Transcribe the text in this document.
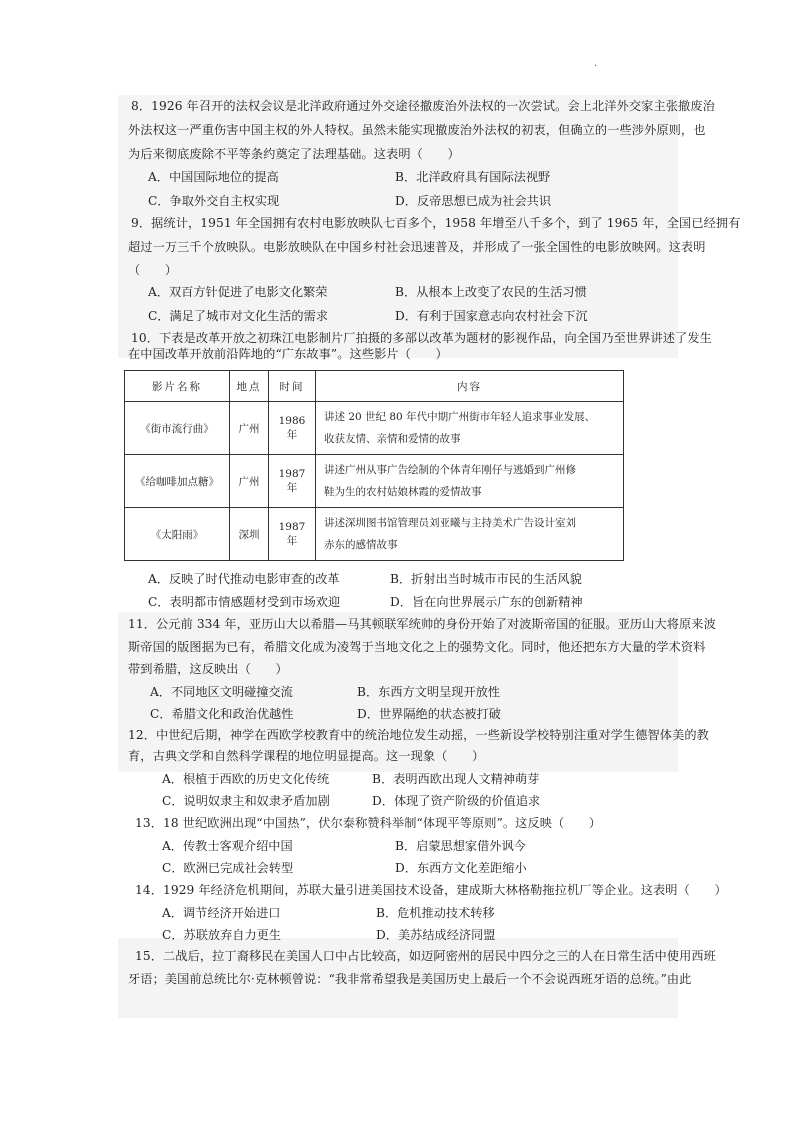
.
8．1926 年召开的法权会议是北洋政府通过外交途径撤废治外法权的一次尝试。会上北洋外交家主张撤废治
外法权这一严重伤害中国主权的外人特权。虽然未能实现撤废治外法权的初衷，但确立的一些涉外原则，也
为后来彻底废除不平等条约奠定了法理基础。这表明（　　）
A．中国国际地位的提高	B．北洋政府具有国际法视野
C．争取外交自主权实现	D．反帝思想已成为社会共识
9．据统计，1951 年全国拥有农村电影放映队七百多个，1958 年增至八千多个，到了 1965 年，全国已经拥有
超过一万三千个放映队。电影放映队在中国乡村社会迅速普及，并形成了一张全国性的电影放映网。这表明
（　　）
A．双百方针促进了电影文化繁荣	B．从根本上改变了农民的生活习惯
C．满足了城市对文化生活的需求	D．有利于国家意志向农村社会下沉
10．下表是改革开放之初珠江电影制片厂拍摄的多部以改革为题材的影视作品，向全国乃至世界讲述了发生
在中国改革开放前沿阵地的“广东故事”。这些影片（　　）
影片名称	地点	时间	内容
《街市流行曲》	广州	1986 年	讲述 20 世纪 80 年代中期广州街市年轻人追求事业发展、
收获友情、亲情和爱情的故事

《给咖啡加点糖》	广州	1987 年	讲述广州从事广告绘制的个体青年刚仔与逃婚到广州修
鞋为生的农村姑娘林霞的爱情故事

《太阳雨》	深圳	1987 年	讲述深圳图书馆管理员刘亚曦与主持美术广告设计室刘
赤东的感情故事
A．反映了时代推动电影审查的改革	B．折射出当时城市市民的生活风貌
C．表明都市情感题材受到市场欢迎	D．旨在向世界展示广东的创新精神
11．公元前 334 年，亚历山大以希腊—马其顿联军统帅的身份开始了对波斯帝国的征服。亚历山大将原来波
斯帝国的版图据为已有，希腊文化成为凌驾于当地文化之上的强势文化。同时，他还把东方大量的学术资料
带到希腊，这反映出（　　）
A．不同地区文明碰撞交流	B．东西方文明呈现开放性
C．希腊文化和政治优越性	D．世界隔绝的状态被打破
12．中世纪后期，神学在西欧学校教育中的统治地位发生动摇，一些新设学校特别注重对学生德智体美的教
育，古典文学和自然科学课程的地位明显提高。这一现象（　　）
A．根植于西欧的历史文化传统	B．表明西欧出现人文精神萌芽
C．说明奴隶主和奴隶矛盾加剧	D．体现了资产阶级的价值追求
13．18 世纪欧洲出现“中国热”，伏尔泰称赞科举制“体现平等原则”。这反映（　　）
A．传教士客观介绍中国	B．启蒙思想家借外讽今
C．欧洲已完成社会转型	D．东西方文化差距缩小
14．1929 年经济危机期间，苏联大量引进美国技术设备，建成斯大林格勒拖拉机厂等企业。这表明（　　）
A．调节经济开始进口	B．危机推动技术转移
C．苏联放弃自力更生	D．美苏结成经济同盟
15．二战后，拉丁裔移民在美国人口中占比较高，如迈阿密州的居民中四分之三的人在日常生活中使用西班
牙语；美国前总统比尔·克林顿曾说：“我非常希望我是美国历史上最后一个不会说西班牙语的总统。”由此
